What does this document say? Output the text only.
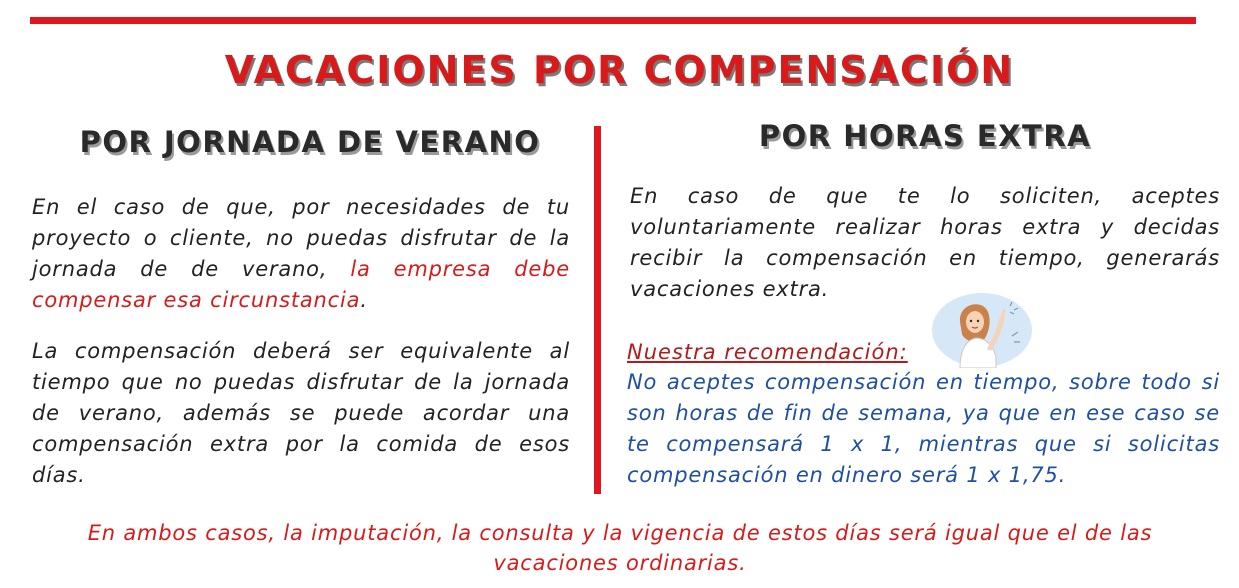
VACACIONES POR COMPENSACIÓN
POR JORNADA DE VERANO	POR HORAS EXTRA
En el caso de que, por necesidades de tu proyecto o cliente, no puedas disfrutar de la jornada de de verano, la empresa debe compensar esa circunstancia.
La compensación deberá ser equivalente al tiempo que no puedas disfrutar de la jornada de verano, además se puede acordar una compensación extra por la comida de esos días.
En caso de que te lo soliciten, aceptes voluntariamente realizar horas extra y decidas recibir la compensación en tiempo, generarás vacaciones extra.
Nuestra recomendación:
No aceptes compensación en tiempo, sobre todo si son horas de fin de semana, ya que en ese caso se te compensará 1 x 1, mientras que si solicitas compensación en dinero será 1 x 1,75.
En ambos casos, la imputación, la consulta y la vigencia de estos días será igual que el de las vacaciones ordinarias.
